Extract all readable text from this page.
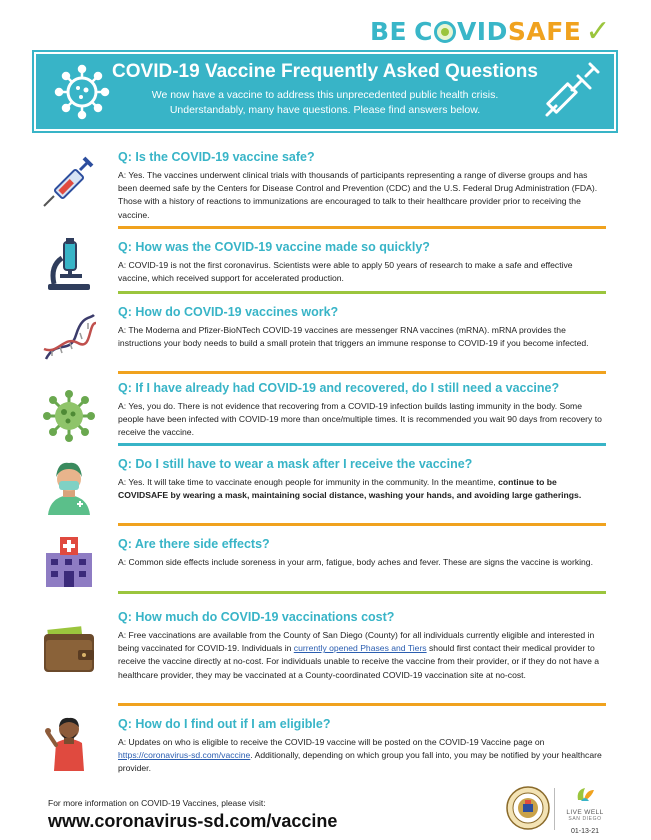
BE C VID SAFE ✓
COVID-19 Vaccine Frequently Asked Questions
We now have a vaccine to address this unprecedented public health crisis.
Understandably, many have questions. Please find answers below.
Q: Is the COVID-19 vaccine safe?
A: Yes. The vaccines underwent clinical trials with thousands of participants representing a range of diverse groups and has been deemed safe by the Centers for Disease Control and Prevention (CDC) and the U.S. Federal Drug Administration (FDA). Those with a history of reactions to immunizations are encouraged to talk to their healthcare provider prior to receiving the vaccine.
Q: How was the COVID-19 vaccine made so quickly?
A: COVID-19 is not the first coronavirus. Scientists were able to apply 50 years of research to make a safe and effective vaccine, which received support for accelerated production.
Q: How do COVID-19 vaccines work?
A: The Moderna and Pfizer-BioNTech COVID-19 vaccines are messenger RNA vaccines (mRNA). mRNA provides the instructions your body needs to build a small protein that triggers an immune response to COVID-19 if you become infected.
Q: If I have already had COVID-19 and recovered, do I still need a vaccine?
A: Yes, you do. There is not evidence that recovering from a COVID-19 infection builds lasting immunity in the body. Some people have been infected with COVID-19 more than once/multiple times. It is recommended you wait 90 days from recovery to receive the vaccine.
Q: Do I still have to wear a mask after I receive the vaccine?
A: Yes. It will take time to vaccinate enough people for immunity in the community. In the meantime, continue to be COVIDSAFE by wearing a mask, maintaining social distance, washing your hands, and avoiding large gatherings.
Q: Are there side effects?
A: Common side effects include soreness in your arm, fatigue, body aches and fever. These are signs the vaccine is working.
Q: How much do COVID-19 vaccinations cost?
A: Free vaccinations are available from the County of San Diego (County) for all individuals currently eligible and interested in being vaccinated for COVID-19. Individuals in currently opened Phases and Tiers should first contact their medical provider to receive the vaccine directly at no-cost. For individuals unable to receive the vaccine from their provider, or if they do not have a healthcare provider, they may be vaccinated at a County-coordinated COVID-19 vaccination site at no-cost.
Q: How do I find out if I am eligible?
A: Updates on who is eligible to receive the COVID-19 vaccine will be posted on the COVID-19 Vaccine page on https://coronavirus-sd.com/vaccine. Additionally, depending on which group you fall into, you may be notified by your healthcare provider.
For more information on COVID-19 Vaccines, please visit:
www.coronavirus-sd.com/vaccine	LIVE WELL
SAN DIEGO
01-13-21
